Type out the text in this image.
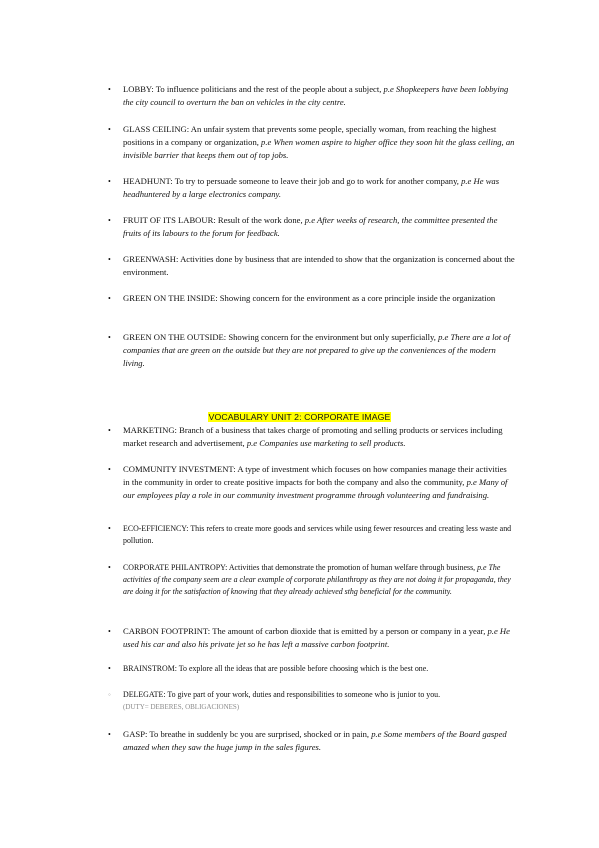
• LOBBY: To influence politicians and the rest of the people about a subject, p.e Shopkeepers have been lobbying the city council to overturn the ban on vehicles in the city centre.
• GLASS CEILING: An unfair system that prevents some people, specially woman, from reaching the highest positions in a company or organization, p.e When women aspire to higher office they soon hit the glass ceiling, an invisible barrier that keeps them out of top jobs.
• HEADHUNT: To try to persuade someone to leave their job and go to work for another company, p.e He was headhuntered by a large electronics company.
• FRUIT OF ITS LABOUR: Result of the work done, p.e After weeks of research, the committee presented the fruits of its labours to the forum for feedback.
• GREENWASH: Activities done by business that are intended to show that the organization is concerned about the environment.
• GREEN ON THE INSIDE: Showing concern for the environment as a core principle inside the organization
• GREEN ON THE OUTSIDE: Showing concern for the environment but only superficially, p.e There are a lot of companies that are green on the outside but they are not prepared to give up the conveniences of the modern living.
VOCABULARY UNIT 2: CORPORATE IMAGE
• MARKETING: Branch of a business that takes charge of promoting and selling products or services including market research and advertisement, p.e Companies use marketing to sell products.
• COMMUNITY INVESTMENT: A type of investment which focuses on how companies manage their activities in the community in order to create positive impacts for both the company and also the community, p.e Many of our employees play a role in our community investment programme through volunteering and fundraising.
• ECO-EFFICIENCY: This refers to create more goods and services while using fewer resources and creating less waste and pollution.
• CORPORATE PHILANTROPY: Activities that demonstrate the promotion of human welfare through business, p.e The activities of the company seem are a clear example of corporate philanthropy as they are not doing it for propaganda, they are doing it for the satisfaction of knowing that they already achieved sthg beneficial for the community.
• CARBON FOOTPRINT: The amount of carbon dioxide that is emitted by a person or company in a year, p.e He used his car and also his private jet so he has left a massive carbon footprint.
• BRAINSTROM: To explore all the ideas that are possible before choosing which is the best one.
◦ DELEGATE: To give part of your work, duties and responsibilities to someone who is junior to you.
(DUTY= DEBERES, OBLIGACIONES)
• GASP: To breathe in suddenly bc you are surprised, shocked or in pain, p.e Some members of the Board gasped amazed when they saw the huge jump in the sales figures.
